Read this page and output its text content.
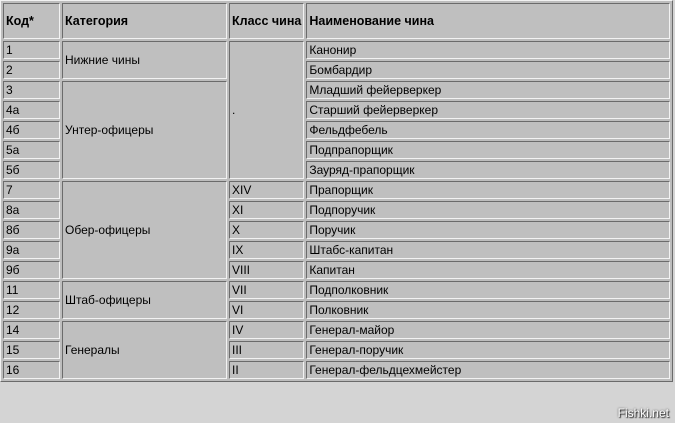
Код*	Категория	Класс чина	Наименование чина
1	Нижние чины	.	Канонир
2			Бомбардир
3	Унтер-офицеры		Младший фейерверкер
4а			Старший фейерверкер
4б			Фельдфебель
5а			Подпрапорщик
5б			Зауряд-прапорщик
7	Обер-офицеры	XIV	Прапорщик
8а		XI	Подпоручик
8б		X	Поручик
9а		IX	Штабс-капитан
9б		VIII	Капитан
11	Штаб-офицеры	VII	Подполковник
12		VI	Полковник
14	Генералы	IV	Генерал-майор
15		III	Генерал-поручик
16		II	Генерал-фельдцехмейстер
Fishki.net
